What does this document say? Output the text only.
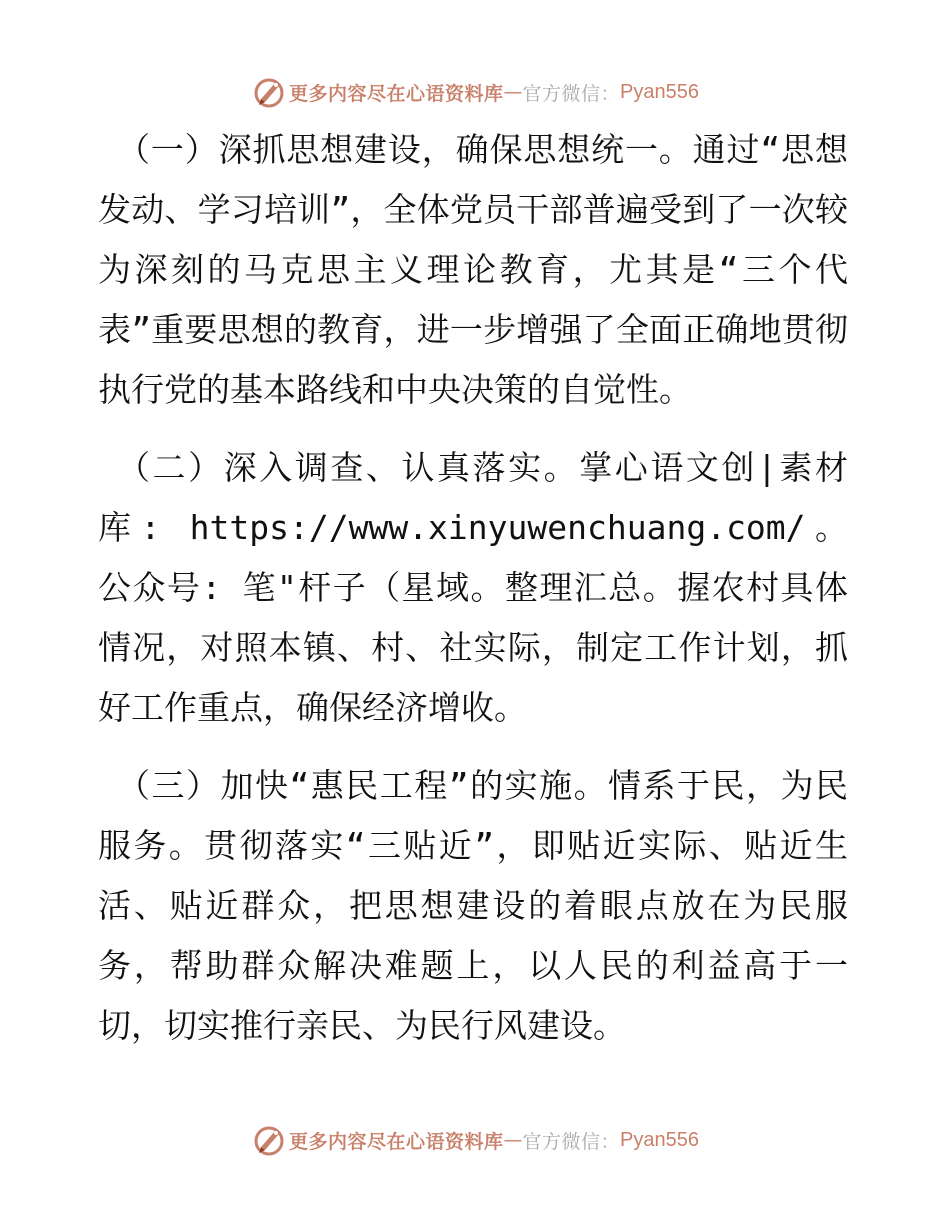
更多内容尽在心语资料库 — 官方微信： Pyan556

（一）深抓思想建设，确保思想统一。通过“思想发动、学习培训”，全体党员干部普遍受到了一次较为深刻的马克思主义理论教育，尤其是“三个代表”重要思想的教育，进一步增强了全面正确地贯彻执行党的基本路线和中央决策的自觉性。

（二）深入调查、认真落实。掌心语文创|素材库: https://www.xinyuwenchuang.com/。公众号: 笔"杆子（星域。整理汇总。握农村具体情况，对照本镇、村、社实际，制定工作计划，抓好工作重点，确保经济增收。

（三）加快“惠民工程”的实施。情系于民，为民服务。贯彻落实“三贴近”，即贴近实际、贴近生活、贴近群众，把思想建设的着眼点放在为民服务，帮助群众解决难题上，以人民的利益高于一切，切实推行亲民、为民行风建设。

更多内容尽在心语资料库 — 官方微信： Pyan556
